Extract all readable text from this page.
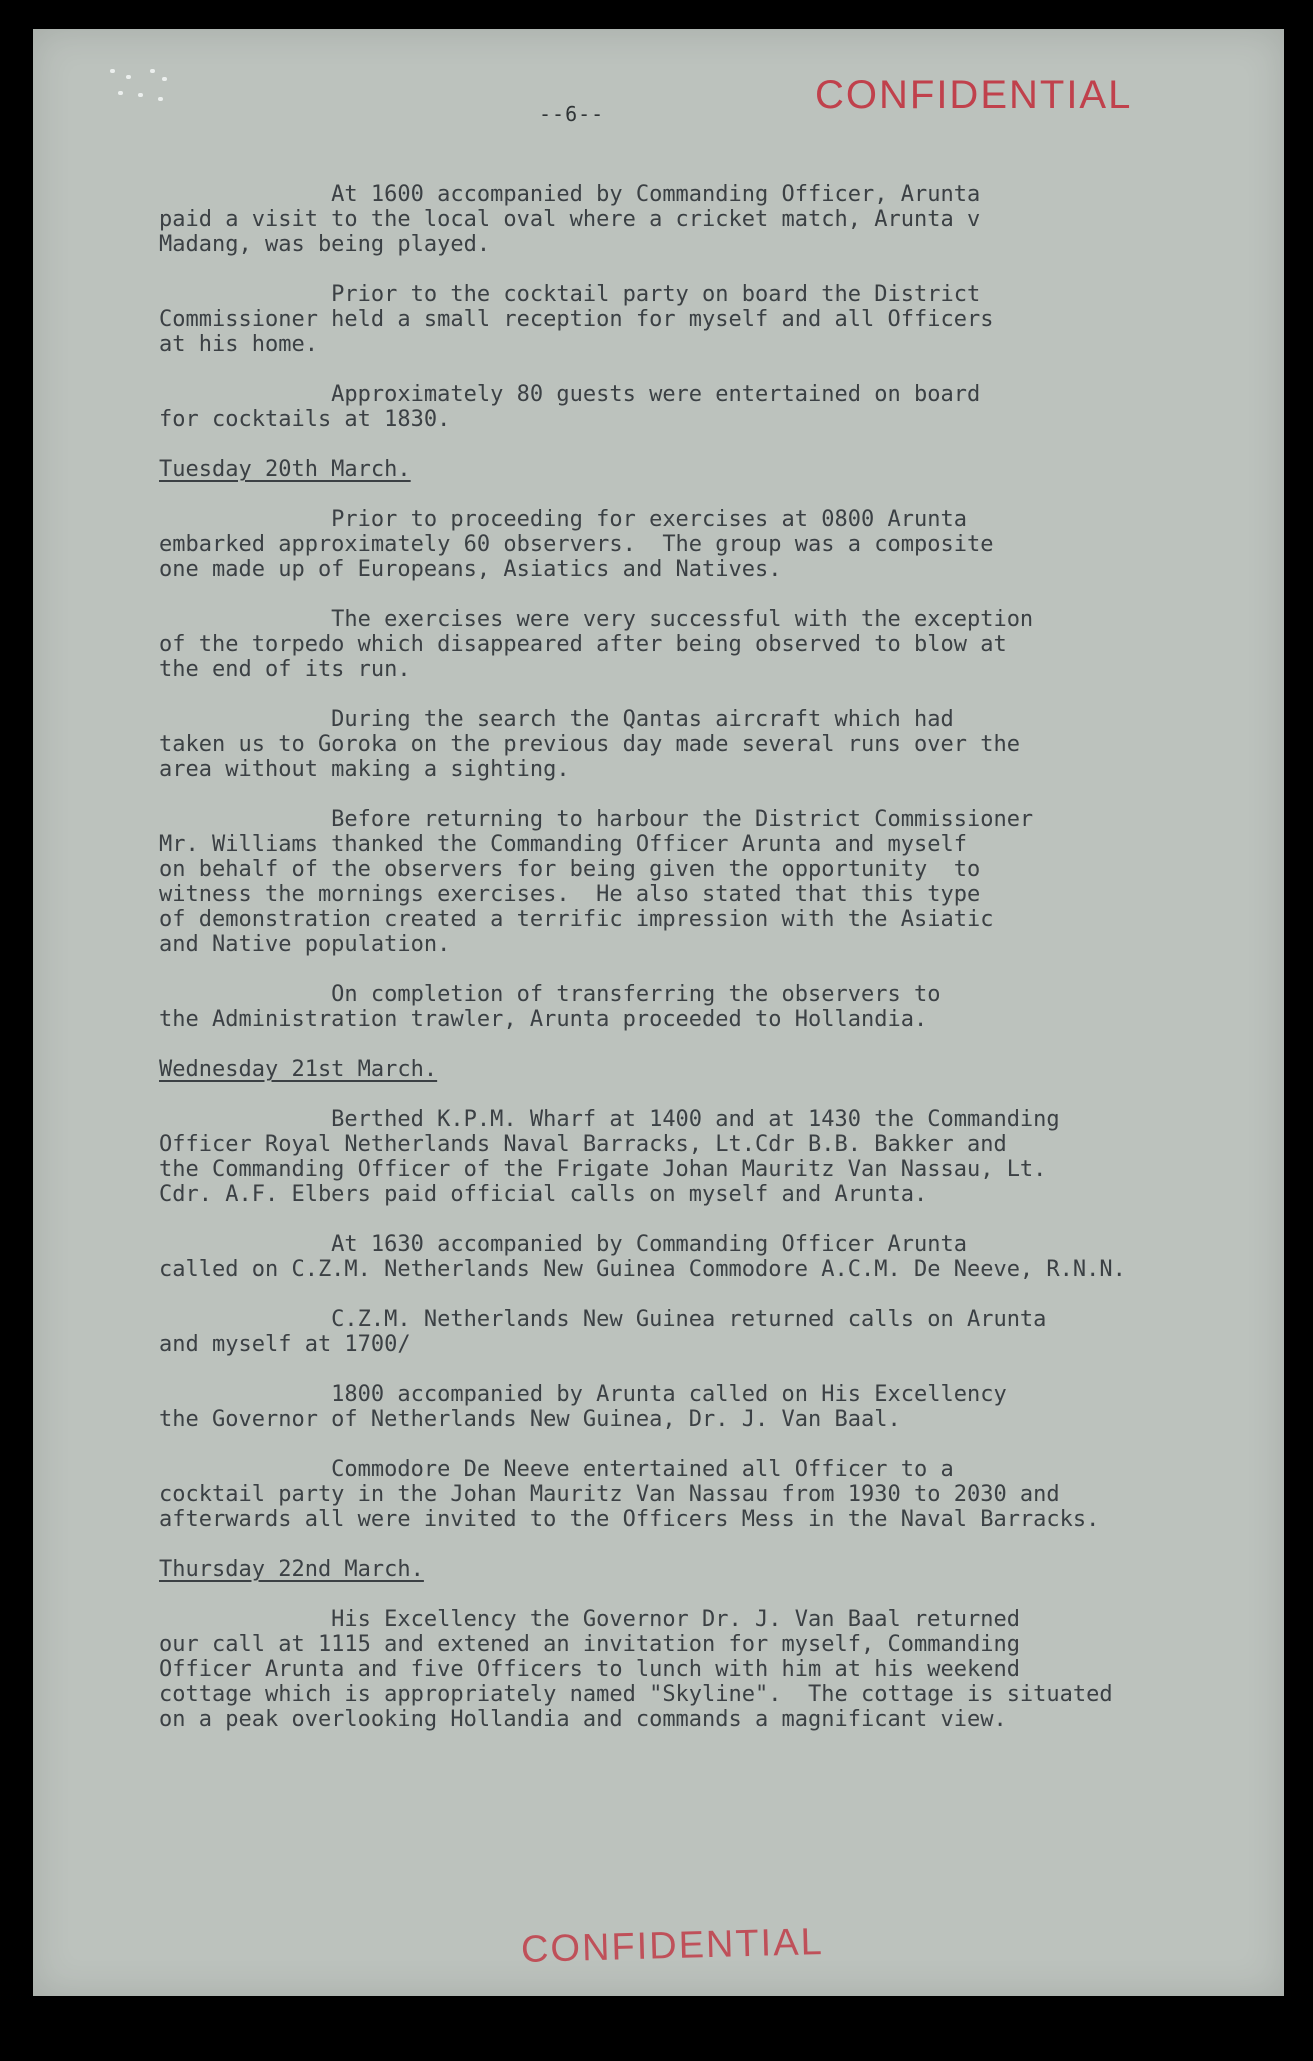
CONFIDENTIAL
--6--
At 1600 accompanied by Commanding Officer, Arunta
paid a visit to the local oval where a cricket match, Arunta v
Madang, was being played.
Prior to the cocktail party on board the District
Commissioner held a small reception for myself and all Officers
at his home.
Approximately 80 guests were entertained on board
for cocktails at 1830.
Tuesday 20th March.
Prior to proceeding for exercises at 0800 Arunta
embarked approximately 60 observers.  The group was a composite
one made up of Europeans, Asiatics and Natives.
The exercises were very successful with the exception
of the torpedo which disappeared after being observed to blow at
the end of its run.
During the search the Qantas aircraft which had
taken us to Goroka on the previous day made several runs over the
area without making a sighting.
Before returning to harbour the District Commissioner
Mr. Williams thanked the Commanding Officer Arunta and myself
on behalf of the observers for being given the opportunity  to
witness the mornings exercises.  He also stated that this type
of demonstration created a terrific impression with the Asiatic
and Native population.
On completion of transferring the observers to
the Administration trawler, Arunta proceeded to Hollandia.
Wednesday 21st March.
Berthed K.P.M. Wharf at 1400 and at 1430 the Commanding
Officer Royal Netherlands Naval Barracks, Lt.Cdr B.B. Bakker and
the Commanding Officer of the Frigate Johan Mauritz Van Nassau, Lt.
Cdr. A.F. Elbers paid official calls on myself and Arunta.
At 1630 accompanied by Commanding Officer Arunta
called on C.Z.M. Netherlands New Guinea Commodore A.C.M. De Neeve, R.N.N.
C.Z.M. Netherlands New Guinea returned calls on Arunta
and myself at 1700/
1800 accompanied by Arunta called on His Excellency
the Governor of Netherlands New Guinea, Dr. J. Van Baal.
Commodore De Neeve entertained all Officer to a
cocktail party in the Johan Mauritz Van Nassau from 1930 to 2030 and
afterwards all were invited to the Officers Mess in the Naval Barracks.
Thursday 22nd March.
His Excellency the Governor Dr. J. Van Baal returned
our call at 1115 and extened an invitation for myself, Commanding
Officer Arunta and five Officers to lunch with him at his weekend
cottage which is appropriately named "Skyline".  The cottage is situated
on a peak overlooking Hollandia and commands a magnificant view.
CONFIDENTIAL
